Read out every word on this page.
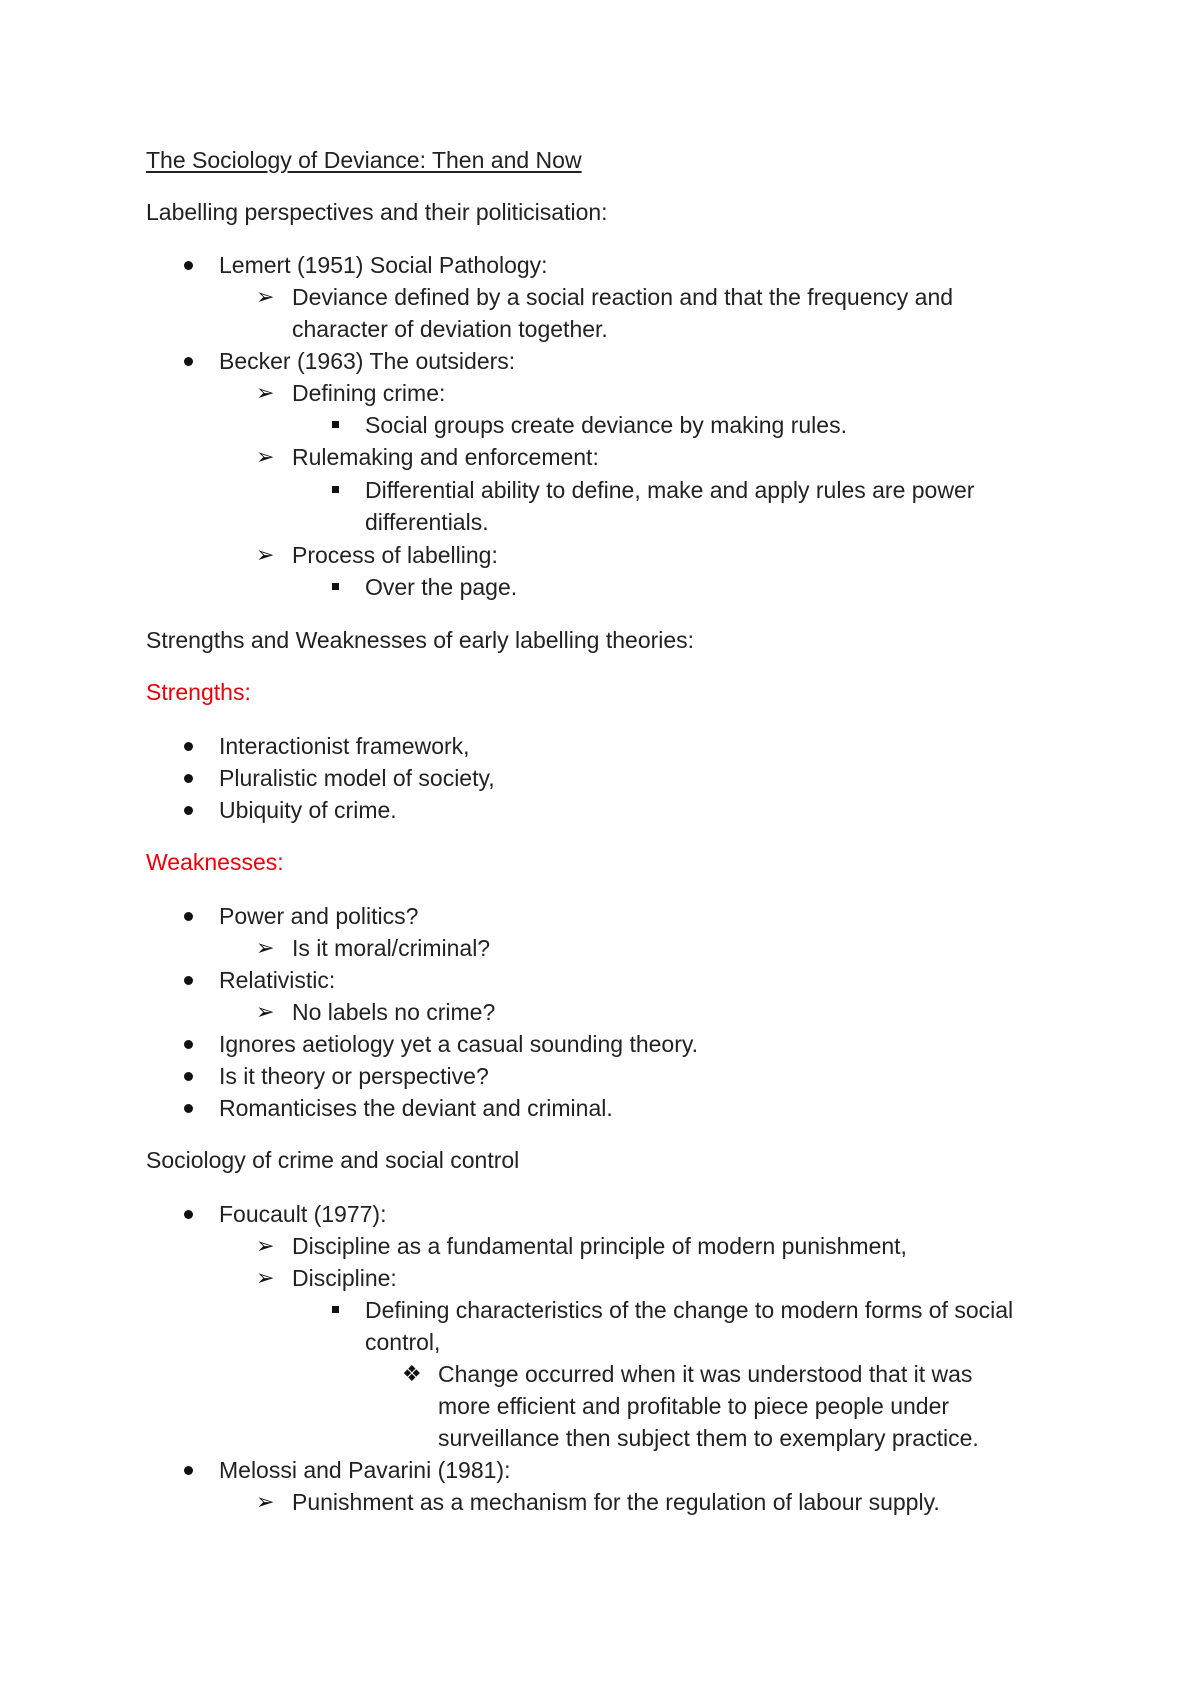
The Sociology of Deviance: Then and Now
Labelling perspectives and their politicisation:
Lemert (1951) Social Pathology:
➢ Deviance defined by a social reaction and that the frequency and
character of deviation together.
Becker (1963) The outsiders:
➢ Defining crime:
Social groups create deviance by making rules.
➢ Rulemaking and enforcement:
Differential ability to define, make and apply rules are power
differentials.
➢ Process of labelling:
Over the page.
Strengths and Weaknesses of early labelling theories:
Strengths:
Interactionist framework,
Pluralistic model of society,
Ubiquity of crime.
Weaknesses:
Power and politics?
➢ Is it moral/criminal?
Relativistic:
➢ No labels no crime?
Ignores aetiology yet a casual sounding theory.
Is it theory or perspective?
Romanticises the deviant and criminal.
Sociology of crime and social control
Foucault (1977):
➢ Discipline as a fundamental principle of modern punishment,
➢ Discipline:
Defining characteristics of the change to modern forms of social
control,
❖ Change occurred when it was understood that it was
more efficient and profitable to piece people under
surveillance then subject them to exemplary practice.
Melossi and Pavarini (1981):
➢ Punishment as a mechanism for the regulation of labour supply.
